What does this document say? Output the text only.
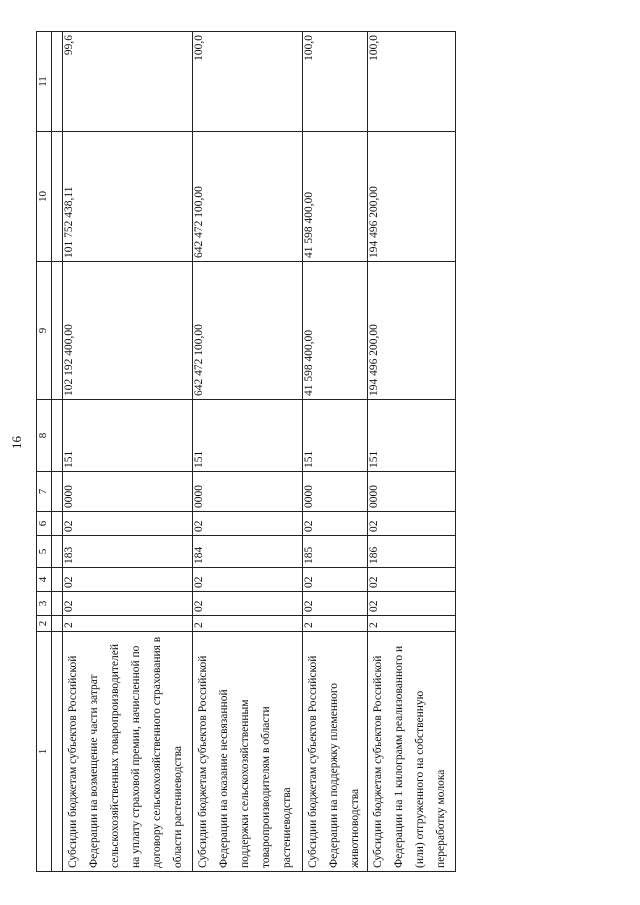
16
1	2	3	4	5	6	7	8	9	10	11

Субсидии бюджетам субъектов Российской Федерации на возмещение части затрат сельскохозяйственных товаропроизводителей на уплату страховой премии, начисленной по договору сельскохозяйственного страхования в области растениеводства	2	02	02	183	02	0000	151	102 192 400,00	101 752 438,11	99,6
Субсидии бюджетам субъектов Российской Федерации на оказание несвязанной поддержки сельскохозяйственным товаропроизводителям в области растениеводства	2	02	02	184	02	0000	151	642 472 100,00	642 472 100,00	100,0
Субсидии бюджетам субъектов Российской Федерации на поддержку племенного животноводства	2	02	02	185	02	0000	151	41 598 400,00	41 598 400,00	100,0
Субсидии бюджетам субъектов Российской Федерации на 1 килограмм реализованного и (или) отгруженного на собственную переработку молока	2	02	02	186	02	0000	151	194 496 200,00	194 496 200,00	100,0
